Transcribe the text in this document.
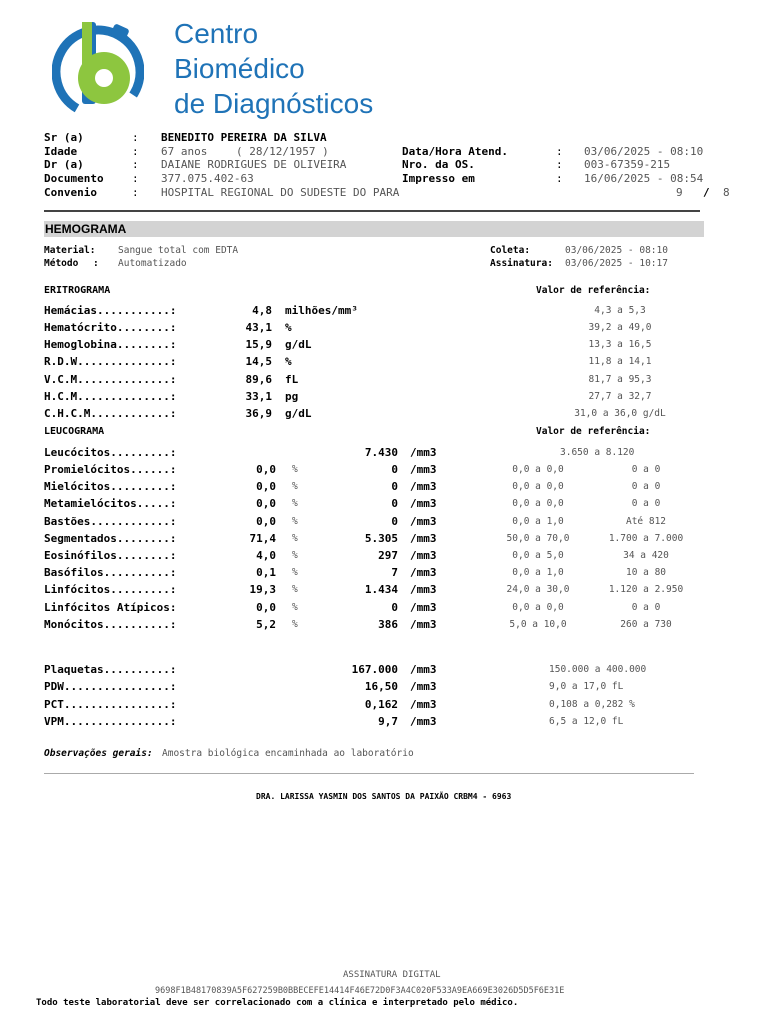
Centro
Biomédico
de Diagnósticos
Sr (a)	: BENEDITO PEREIRA DA SILVA
Idade	: 67 anos	( 28/12/1957 )
Dr (a)	: DAIANE RODRIGUES DE OLIVEIRA
Documento	: 377.075.402-63
Convenio	: HOSPITAL REGIONAL DO SUDESTE DO PARA
Data/Hora Atend.	: 03/06/2025 - 08:10
Nro. da OS.	: 003-67359-215
Impresso em	: 16/06/2025 - 08:54
9 / 8
HEMOGRAMA
Material: Sangue total com EDTA
Método : Automatizado
Coleta:	03/06/2025 - 08:10
Assinatura: 03/06/2025 - 10:17
ERITROGRAMA	Valor de referência:
Hemácias...........:	4,8 milhões/mm³	4,3 a 5,3
Hematócrito........:	43,1 %	39,2 a 49,0
Hemoglobina........:	15,9 g/dL	13,3 a 16,5
R.D.W..............:	14,5 %	11,8 a 14,1
V.C.M..............:	89,6 fL	81,7 a 95,3
H.C.M..............:	33,1 pg	27,7 a 32,7
C.H.C.M............:	36,9 g/dL	31,0 a 36,0 g/dL
LEUCOGRAMA	Valor de referência:
Leucócitos.........:	7.430 /mm3	3.650 a 8.120
Promielócitos......:	0,0 %	0 /mm3	0,0 a 0,0	0 a 0
Mielócitos.........:	0,0 %	0 /mm3	0,0 a 0,0	0 a 0
Metamielócitos.....:	0,0 %	0 /mm3	0,0 a 0,0	0 a 0
Bastões............:	0,0 %	0 /mm3	0,0 a 1,0	Até 812
Segmentados........:	71,4 %	5.305 /mm3	50,0 a 70,0	1.700 a 7.000
Eosinófilos........:	4,0 %	297 /mm3	0,0 a 5,0	34 a 420
Basófilos..........:	0,1 %	7 /mm3	0,0 a 1,0	10 a 80
Linfócitos.........:	19,3 %	1.434 /mm3	24,0 a 30,0	1.120 a 2.950
Linfócitos Atípicos:	0,0 %	0 /mm3	0,0 a 0,0	0 a 0
Monócitos..........:	5,2 %	386 /mm3	5,0 a 10,0	260 a 730
Plaquetas..........:	167.000 /mm3	150.000 a 400.000
PDW................:	16,50 /mm3	9,0 a 17,0 fL
PCT................:	0,162 /mm3	0,108 a 0,282 %
VPM................:	9,7 /mm3	6,5 a 12,0 fL
Observações gerais: Amostra biológica encaminhada ao laboratório
DRA. LARISSA YASMIN DOS SANTOS DA PAIXÃO CRBM4 - 6963
ASSINATURA DIGITAL
9698F1B48170839A5F627259B0BBECEFE14414F46E72D0F3A4C020F533A9EA669E3026D5D5F6E31E
Todo teste laboratorial deve ser correlacionado com a clínica e interpretado pelo médico.
